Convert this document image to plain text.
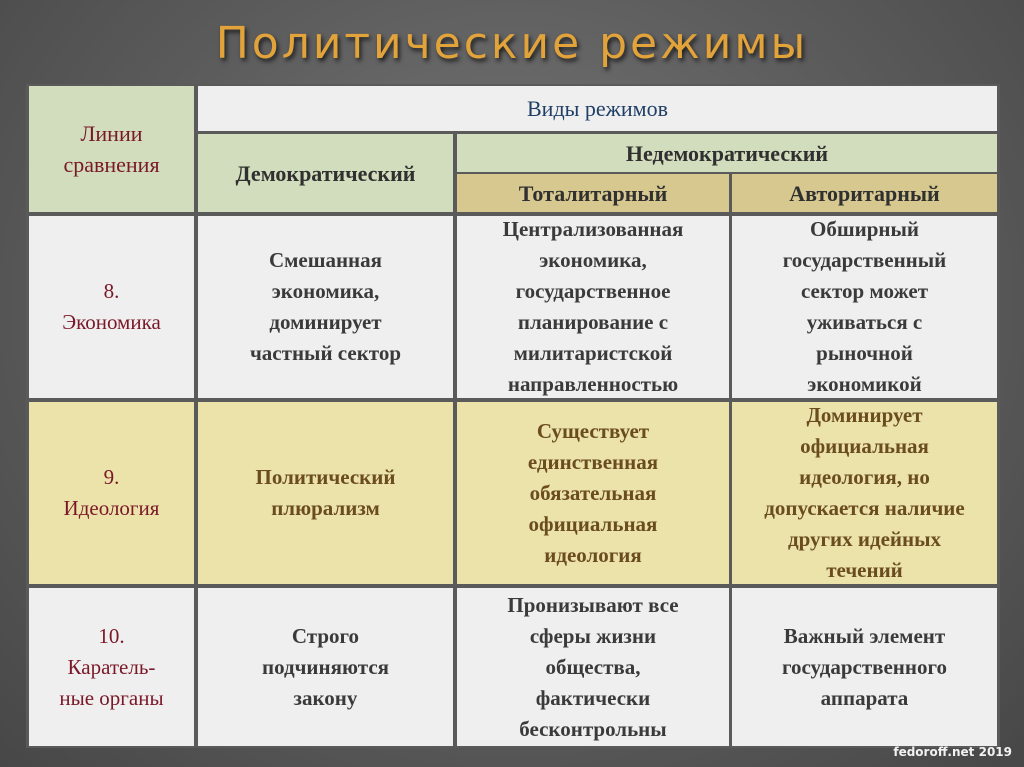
Политические режимы
Линии сравнения
Виды режимов
Демократический
Недемократический
Тоталитарный	Авторитарный
8.
Экономика
Смешанная
экономика,
доминирует
частный сектор
Централизованная
экономика,
государственное
планирование с
милитаристской
направленностью
Обширный
государственный
сектор может
уживаться с
рыночной
экономикой
9.
Идеология
Политический
плюрализм
Существует
единственная
обязательная
официальная
идеология
Доминирует
официальная
идеология, но
допускается наличие
других идейных
течений
10.
Каратель-
ные органы
Строго
подчиняются
закону
Пронизывают все
сферы жизни
общества,
фактически
бесконтрольны
Важный элемент
государственного
аппарата
fedoroff.net 2019
